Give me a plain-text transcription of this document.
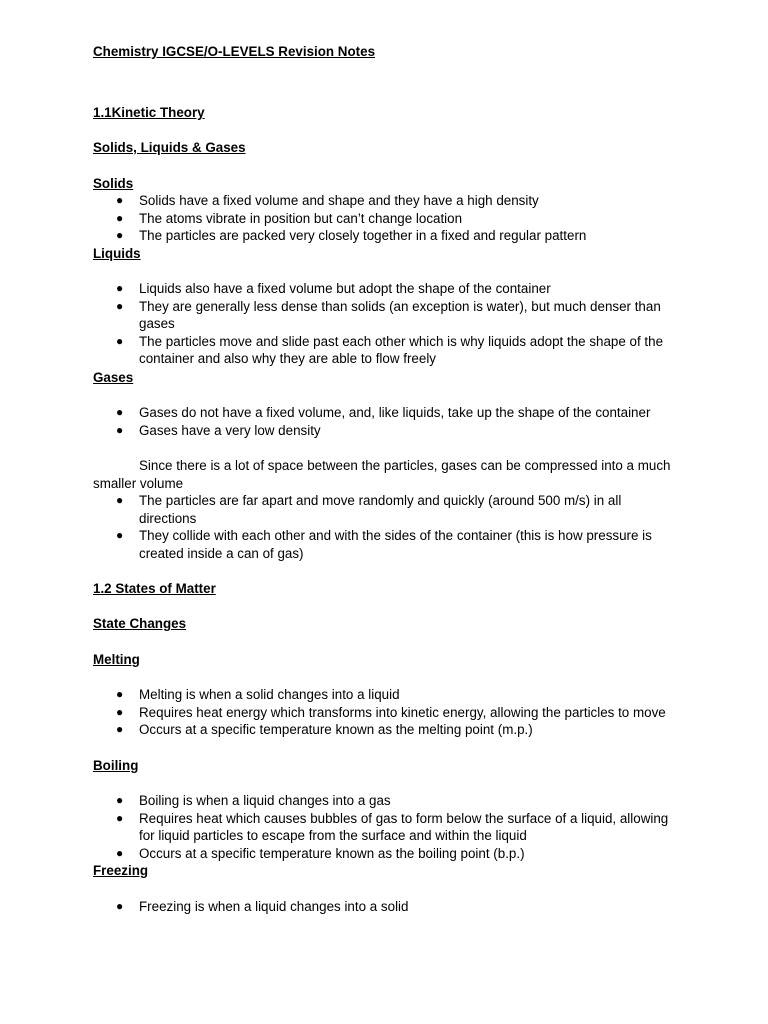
Chemistry IGCSE/O-LEVELS Revision Notes
1.1Kinetic Theory
Solids, Liquids & Gases
Solids
● Solids have a fixed volume and shape and they have a high density
● The atoms vibrate in position but can’t change location
● The particles are packed very closely together in a fixed and regular pattern
Liquids
● Liquids also have a fixed volume but adopt the shape of the container
● They are generally less dense than solids (an exception is water), but much denser than gases
● The particles move and slide past each other which is why liquids adopt the shape of the container and also why they are able to flow freely
Gases
● Gases do not have a fixed volume, and, like liquids, take up the shape of the container
● Gases have a very low density
Since there is a lot of space between the particles, gases can be compressed into a much smaller volume
● The particles are far apart and move randomly and quickly (around 500 m/s) in all directions
● They collide with each other and with the sides of the container (this is how pressure is created inside a can of gas)
1.2 States of Matter
State Changes
Melting
● Melting is when a solid changes into a liquid
● Requires heat energy which transforms into kinetic energy, allowing the particles to move
● Occurs at a specific temperature known as the melting point (m.p.)
Boiling
● Boiling is when a liquid changes into a gas
● Requires heat which causes bubbles of gas to form below the surface of a liquid, allowing for liquid particles to escape from the surface and within the liquid
● Occurs at a specific temperature known as the boiling point (b.p.)
Freezing
● Freezing is when a liquid changes into a solid
